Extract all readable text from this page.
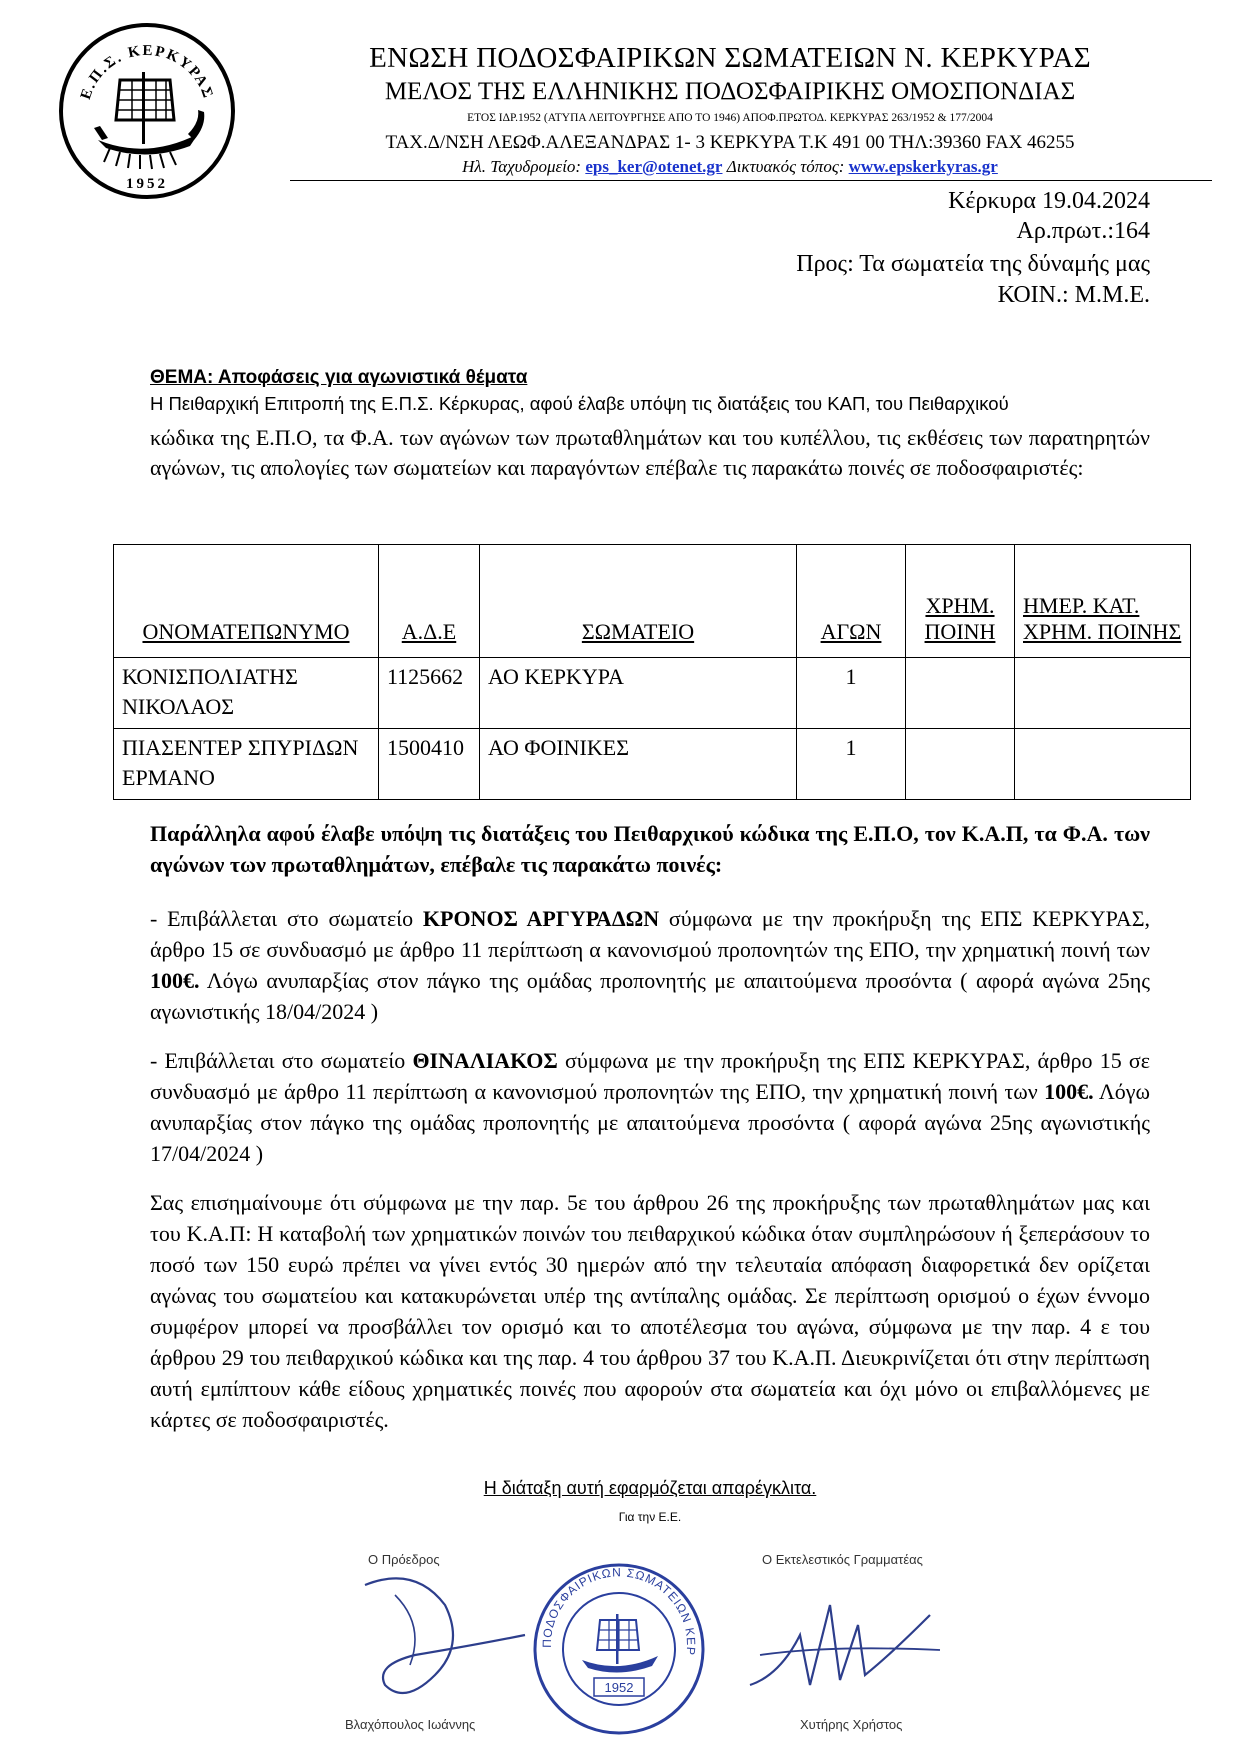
Ε.Π.Σ. ΚΕΡΚΥΡΑΣ
1952
ΕΝΩΣΗ ΠΟΔΟΣΦΑΙΡΙΚΩΝ ΣΩΜΑΤΕΙΩΝ Ν. ΚΕΡΚΥΡΑΣ
ΜΕΛΟΣ ΤΗΣ ΕΛΛΗΝΙΚΗΣ ΠΟΔΟΣΦΑΙΡΙΚΗΣ ΟΜΟΣΠΟΝΔΙΑΣ
ΕΤΟΣ ΙΔΡ.1952 (ΑΤΥΠΑ ΛΕΙΤΟΥΡΓΗΣΕ ΑΠΟ ΤΟ 1946) ΑΠΟΦ.ΠΡΩΤΟΔ. ΚΕΡΚΥΡΑΣ 263/1952 & 177/2004
ΤΑΧ.Δ/ΝΣΗ ΛΕΩΦ.ΑΛΕΞΑΝΔΡΑΣ 1- 3 ΚΕΡΚΥΡΑ Τ.Κ 491 00 ΤΗΛ:39360 FAX 46255
Ηλ. Ταχυδρομείο: eps_ker@otenet.gr Δικτυακός τόπος: www.epskerkyras.gr
Κέρκυρα 19.04.2024
Αρ.πρωτ.:164
Προς: Τα σωματεία της δύναμής μας
ΚΟΙΝ.: Μ.Μ.Ε.
ΘΕΜΑ: Αποφάσεις για αγωνιστικά θέματα
Η Πειθαρχική Επιτροπή της Ε.Π.Σ. Κέρκυρας, αφού έλαβε υπόψη τις διατάξεις του ΚΑΠ, του Πειθαρχικού
κώδικα της Ε.Π.Ο, τα Φ.Α. των αγώνων των πρωταθλημάτων και του κυπέλλου, τις εκθέσεις των παρατηρητών αγώνων, τις απολογίες των σωματείων και παραγόντων επέβαλε τις παρακάτω ποινές σε ποδοσφαιριστές:
ΟΝΟΜΑΤΕΠΩΝΥΜΟ	Α.Δ.Ε	ΣΩΜΑΤΕΙΟ	ΑΓΩΝ	ΧΡΗΜ. ΠΟΙΝΗ	ΗΜΕΡ. ΚΑΤ. ΧΡΗΜ. ΠΟΙΝΗΣ
ΚΟΝΙΣΠΟΛΙΑΤΗΣ ΝΙΚΟΛΑΟΣ	1125662	ΑΟ ΚΕΡΚΥΡΑ	1		
ΠΙΑΣΕΝΤΕΡ ΣΠΥΡΙΔΩΝ ΕΡΜΑΝΟ	1500410	ΑΟ ΦΟΙΝΙΚΕΣ	1		
Παράλληλα αφού έλαβε υπόψη τις διατάξεις του Πειθαρχικού κώδικα της Ε.Π.Ο, τον Κ.Α.Π, τα Φ.Α. των αγώνων των πρωταθλημάτων, επέβαλε τις παρακάτω ποινές:
- Επιβάλλεται στο σωματείο ΚΡΟΝΟΣ ΑΡΓΥΡΑΔΩΝ σύμφωνα με την προκήρυξη της ΕΠΣ ΚΕΡΚΥΡΑΣ, άρθρο 15 σε συνδυασμό με άρθρο 11 περίπτωση α κανονισμού προπονητών της ΕΠΟ, την χρηματική ποινή των 100€. Λόγω ανυπαρξίας στον πάγκο της ομάδας προπονητής με απαιτούμενα προσόντα ( αφορά αγώνα 25ης αγωνιστικής 18/04/2024 )
- Επιβάλλεται στο σωματείο ΘΙΝΑΛΙΑΚΟΣ σύμφωνα με την προκήρυξη της ΕΠΣ ΚΕΡΚΥΡΑΣ, άρθρο 15 σε συνδυασμό με άρθρο 11 περίπτωση α κανονισμού προπονητών της ΕΠΟ, την χρηματική ποινή των 100€. Λόγω ανυπαρξίας στον πάγκο της ομάδας προπονητής με απαιτούμενα προσόντα ( αφορά αγώνα 25ης αγωνιστικής 17/04/2024 )
Σας επισημαίνουμε ότι σύμφωνα με την παρ. 5ε του άρθρου 26 της προκήρυξης των πρωταθλημάτων μας και του Κ.Α.Π: Η καταβολή των χρηματικών ποινών του πειθαρχικού κώδικα όταν συμπληρώσουν ή ξεπεράσουν το ποσό των 150 ευρώ πρέπει να γίνει εντός 30 ημερών από την τελευταία απόφαση διαφορετικά δεν ορίζεται αγώνας του σωματείου και κατακυρώνεται υπέρ της αντίπαλης ομάδας. Σε περίπτωση ορισμού ο έχων έννομο συμφέρον μπορεί να προσβάλλει τον ορισμό και το αποτέλεσμα του αγώνα, σύμφωνα με την παρ. 4 ε του άρθρου 29 του πειθαρχικού κώδικα και της παρ. 4 του άρθρου 37 του Κ.Α.Π. Διευκρινίζεται ότι στην περίπτωση αυτή εμπίπτουν κάθε είδους χρηματικές ποινές που αφορούν στα σωματεία και όχι μόνο οι επιβαλλόμενες με κάρτες σε ποδοσφαιριστές.
Η διάταξη αυτή εφαρμόζεται απαρέγκλιτα.
Για την Ε.Ε.
Ο Πρόεδρος
Βλαχόπουλος Ιωάννης
Ο Εκτελεστικός Γραμματέας
Χυτήρης Χρήστος
ΠΟΔΟΣΦΑΙΡΙΚΩΝ ΣΩΜΑΤΕΙΩΝ ΚΕΡ
1952
